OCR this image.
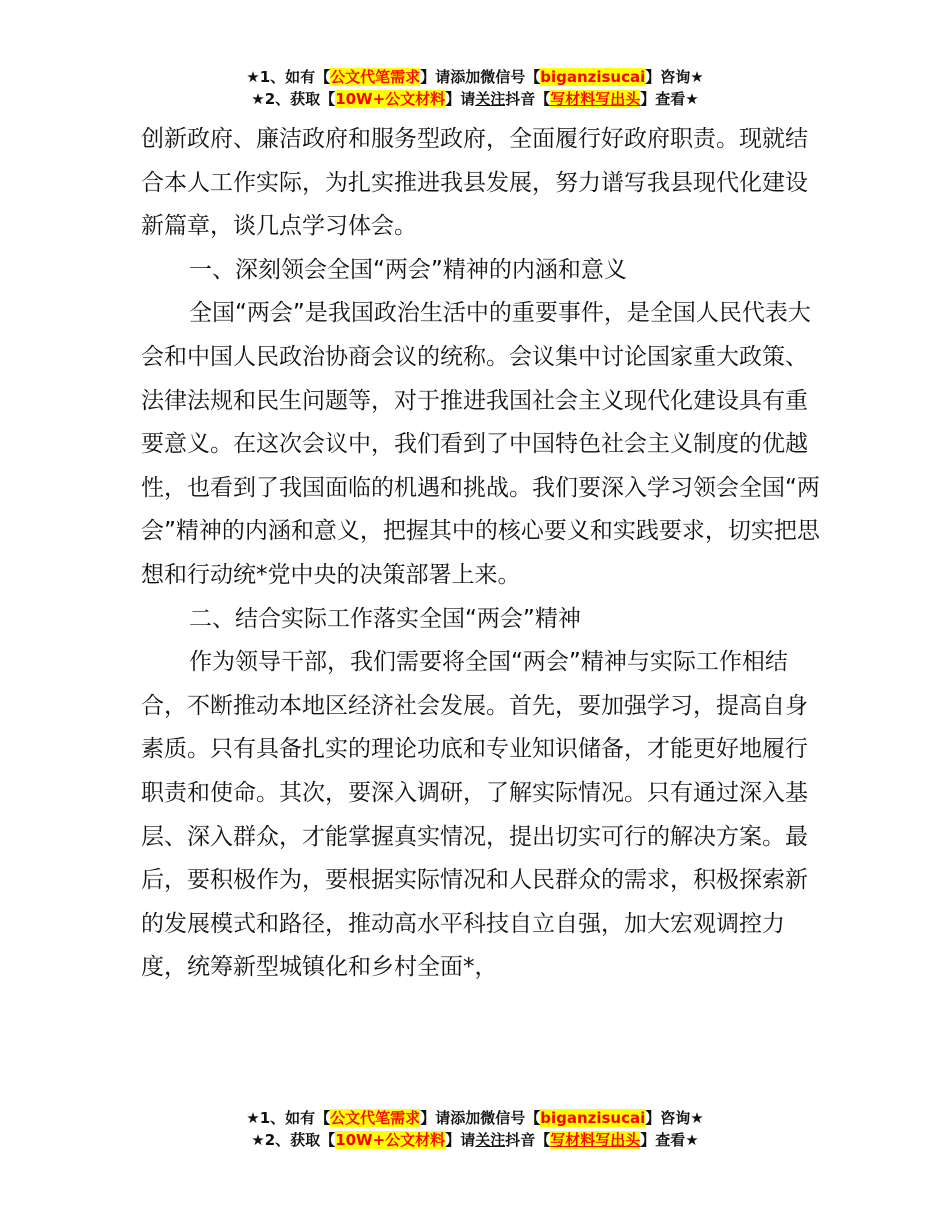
★1、如有【公文代笔需求】请添加微信号【biganzisucai】咨询★
★2、获取【10W+公文材料】请关注抖音【写材料写出头】查看★

创新政府、廉洁政府和服务型政府，全面履行好政府职责。现就结合本人工作实际，为扎实推进我县发展，努力谱写我县现代化建设新篇章，谈几点学习体会。

一、深刻领会全国“两会”精神的内涵和意义

全国“两会”是我国政治生活中的重要事件，是全国人民代表大会和中国人民政治协商会议的统称。会议集中讨论国家重大政策、法律法规和民生问题等，对于推进我国社会主义现代化建设具有重要意义。在这次会议中，我们看到了中国特色社会主义制度的优越性，也看到了我国面临的机遇和挑战。我们要深入学习领会全国“两会”精神的内涵和意义，把握其中的核心要义和实践要求，切实把思想和行动统*党中央的决策部署上来。

二、结合实际工作落实全国“两会”精神

作为领导干部，我们需要将全国“两会”精神与实际工作相结合，不断推动本地区经济社会发展。首先，要加强学习，提高自身素质。只有具备扎实的理论功底和专业知识储备，才能更好地履行职责和使命。其次，要深入调研，了解实际情况。只有通过深入基层、深入群众，才能掌握真实情况，提出切实可行的解决方案。最后，要积极作为，要根据实际情况和人民群众的需求，积极探索新的发展模式和路径，推动高水平科技自立自强，加大宏观调控力度，统筹新型城镇化和乡村全面*，

★1、如有【公文代笔需求】请添加微信号【biganzisucai】咨询★
★2、获取【10W+公文材料】请关注抖音【写材料写出头】查看★
